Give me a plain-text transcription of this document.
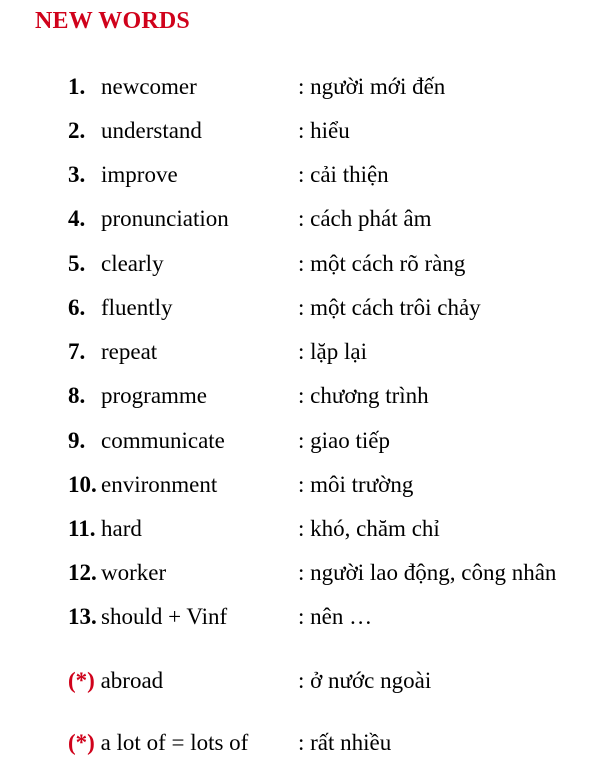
NEW WORDS
1. newcomer	: người mới đến
2. understand	: hiểu
3. improve	: cải thiện
4. pronunciation	: cách phát âm
5. clearly	: một cách rõ ràng
6. fluently	: một cách trôi chảy
7. repeat	: lặp lại
8. programme	: chương trình
9. communicate	: giao tiếp
10. environment	: môi trường
11. hard	: khó, chăm chỉ
12. worker	: người lao động, công nhân
13. should + Vinf	: nên …
(*) abroad	: ở nước ngoài
(*) a lot of = lots of : rất nhiều
